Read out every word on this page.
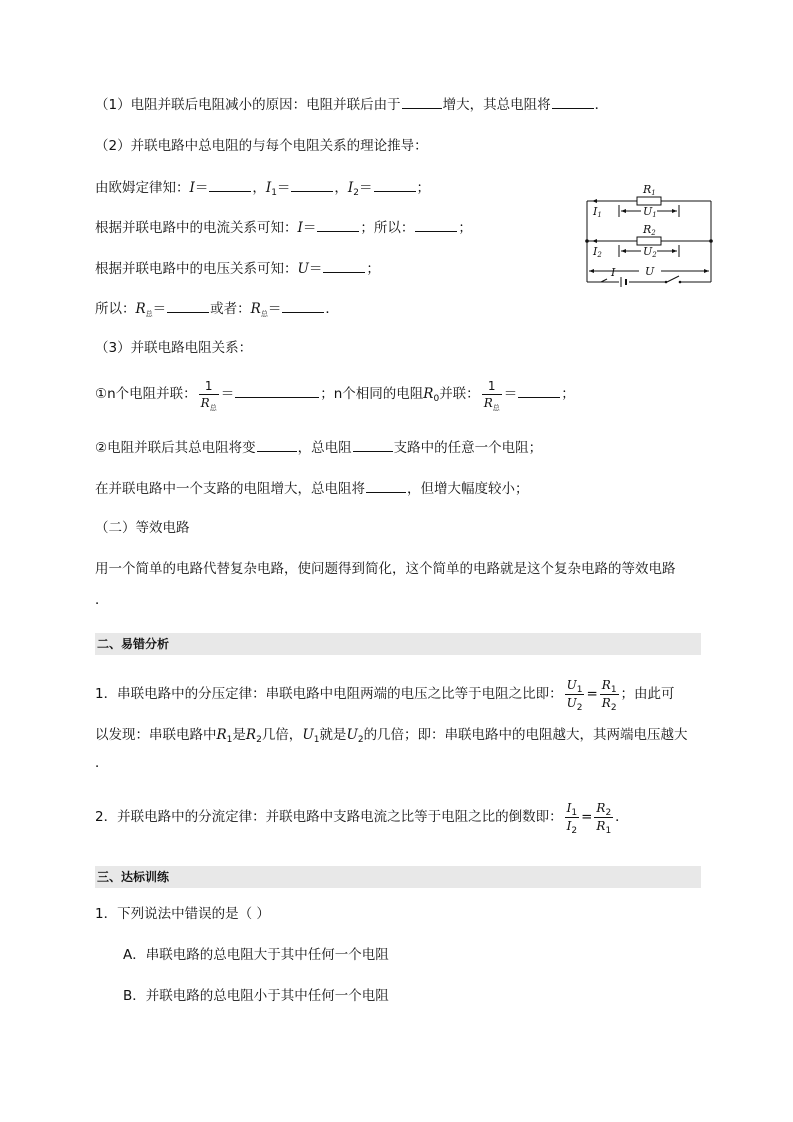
（1）电阻并联后电阻减小的原因：电阻并联后由于	增大，其总电阻将	．
（2）并联电路中总电阻的与每个电阻关系的理论推导：
由欧姆定律知：I＝	，$I_1=$	，$I_2=$	；
根据并联电路中的电流关系可知：I＝	；所以：	；
根据并联电路中的电压关系可知：U＝	；
所以：$R_总=$	或者：$R_总=$	．
（3）并联电路电阻关系：
①n个电阻并联： $\frac{1}{R_总}$ ＝	；n个相同的电阻$R_0$并联： $\frac{1}{R_总}$ ＝	；
②电阻并联后其总电阻将变	，总电阻	支路中的任意一个电阻；
在并联电路中一个支路的电阻增大，总电阻将	，但增大幅度较小；
（二）等效电路
用一个简单的电路代替复杂电路，使问题得到简化，这个简单的电路就是这个复杂电路的等效电路
．
二、易错分析
1．串联电路中的分压定律：串联电路中电阻两端的电压之比等于电阻之比即： $\frac{U_1}{U_2} = \frac{R_1}{R_2}$ ；由此可
以发现：串联电路中$R_1$是$R_2$几倍，$U_1$就是$U_2$的几倍；即：串联电路中的电阻越大，其两端电压越大
．
2．并联电路中的分流定律：并联电路中支路电流之比等于电阻之比的倒数即： $\frac{I_1}{I_2} = \frac{R_2}{R_1}$ ．
三、达标训练
1．下列说法中错误的是（ ）
A．串联电路的总电阻大于其中任何一个电阻
B．并联电路的总电阻小于其中任何一个电阻
R1
R2
I1
I2
U1
U2
I	U
